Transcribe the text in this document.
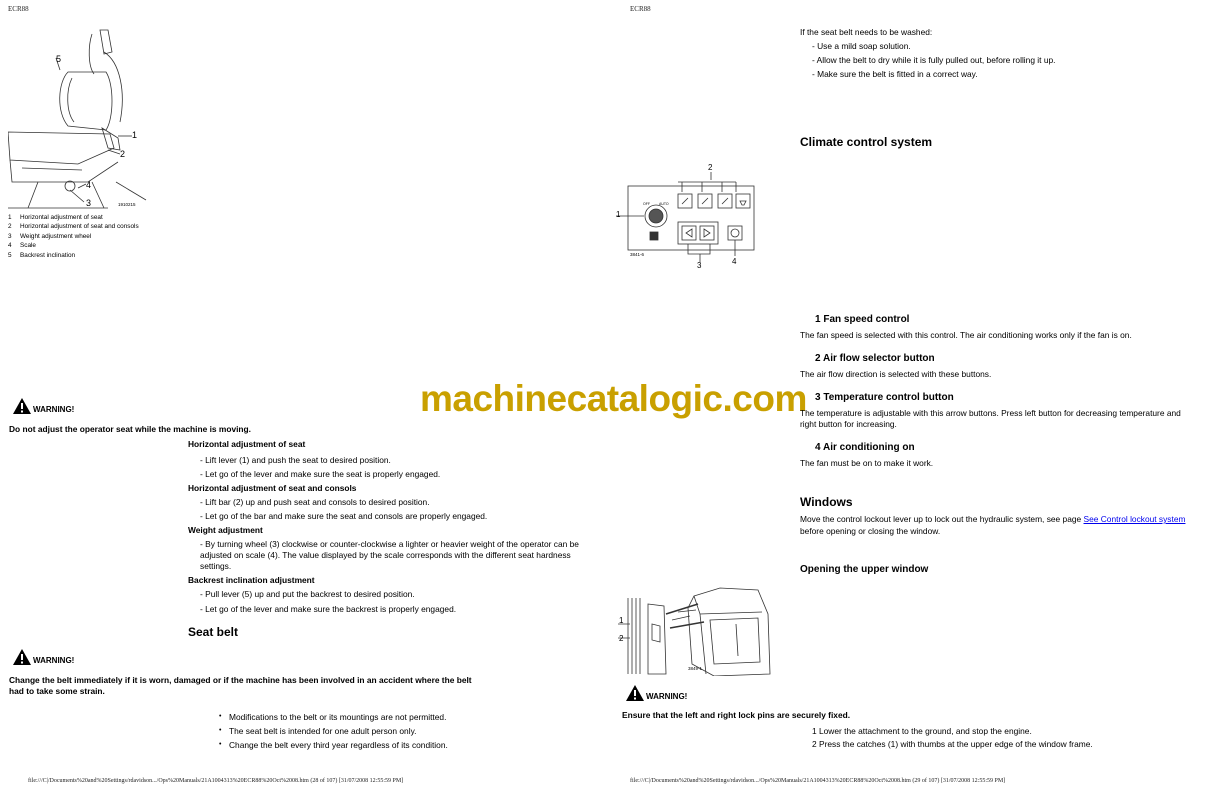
ECR88	ECR88
5
1
2
4
3	1910215
1	Horizontal adjustment of seat
2	Horizontal adjustment of seat and consols
3	Weight adjustment wheel
4	Scale
5	Backrest inclination
machinecatalogic.com
WARNING!
Do not adjust the operator seat while the machine is moving.
Horizontal adjustment of seat
- Lift lever (1) and push the seat to desired position.
- Let go of the lever and make sure the seat is properly engaged.
Horizontal adjustment of seat and consols
- Lift bar (2) up and push seat and consols to desired position.
- Let go of the bar and make sure the seat and consols are properly engaged.
Weight adjustment
- By turning wheel (3) clockwise or counter-clockwise a lighter or heavier weight of the operator can be
adjusted on scale (4). The value displayed by the scale corresponds with the different seat hardness
settings.
Backrest inclination adjustment
- Pull lever (5) up and put the backrest to desired position.
- Let go of the lever and make sure the backrest is properly engaged.
Seat belt
WARNING!
Change the belt immediately if it is worn, damaged or if the machine has been involved in an accident where the belt
had to take some strain.
• Modifications to the belt or its mountings are not permitted.
• The seat belt is intended for one adult person only.
• Change the belt every third year regardless of its condition.
If the seat belt needs to be washed:
- Use a mild soap solution.
- Allow the belt to dry while it is fully pulled out, before rolling it up.
- Make sure the belt is fitted in a correct way.
Climate control system
2
1
3	4
3841-6
OFF	AUTO
1 Fan speed control
The fan speed is selected with this control. The air conditioning works only if the fan is on.
2 Air flow selector button
The air flow direction is selected with these buttons.
3 Temperature control button
The temperature is adjustable with this arrow buttons. Press left button for decreasing temperature and
right button for increasing.
4 Air conditioning on
The fan must be on to make it work.
Windows
Move the control lockout lever up to lock out the hydraulic system, see page See Control lockout system
before opening or closing the window.
Opening the upper window
1
2
3849-1
WARNING!
Ensure that the left and right lock pins are securely fixed.
1 Lower the attachment to the ground, and stop the engine.
2 Press the catches (1) with thumbs at the upper edge of the window frame.
file:///C|/Documents%20and%20Settings/rdavidson.../Ops%20Manuals/21A1004313%20ECR88%20Oct%2008.htm (28 of 107) [31/07/2008 12:55:59 PM]	file:///C|/Documents%20and%20Settings/rdavidson.../Ops%20Manuals/21A1004313%20ECR88%20Oct%2008.htm (29 of 107) [31/07/2008 12:55:59 PM]
